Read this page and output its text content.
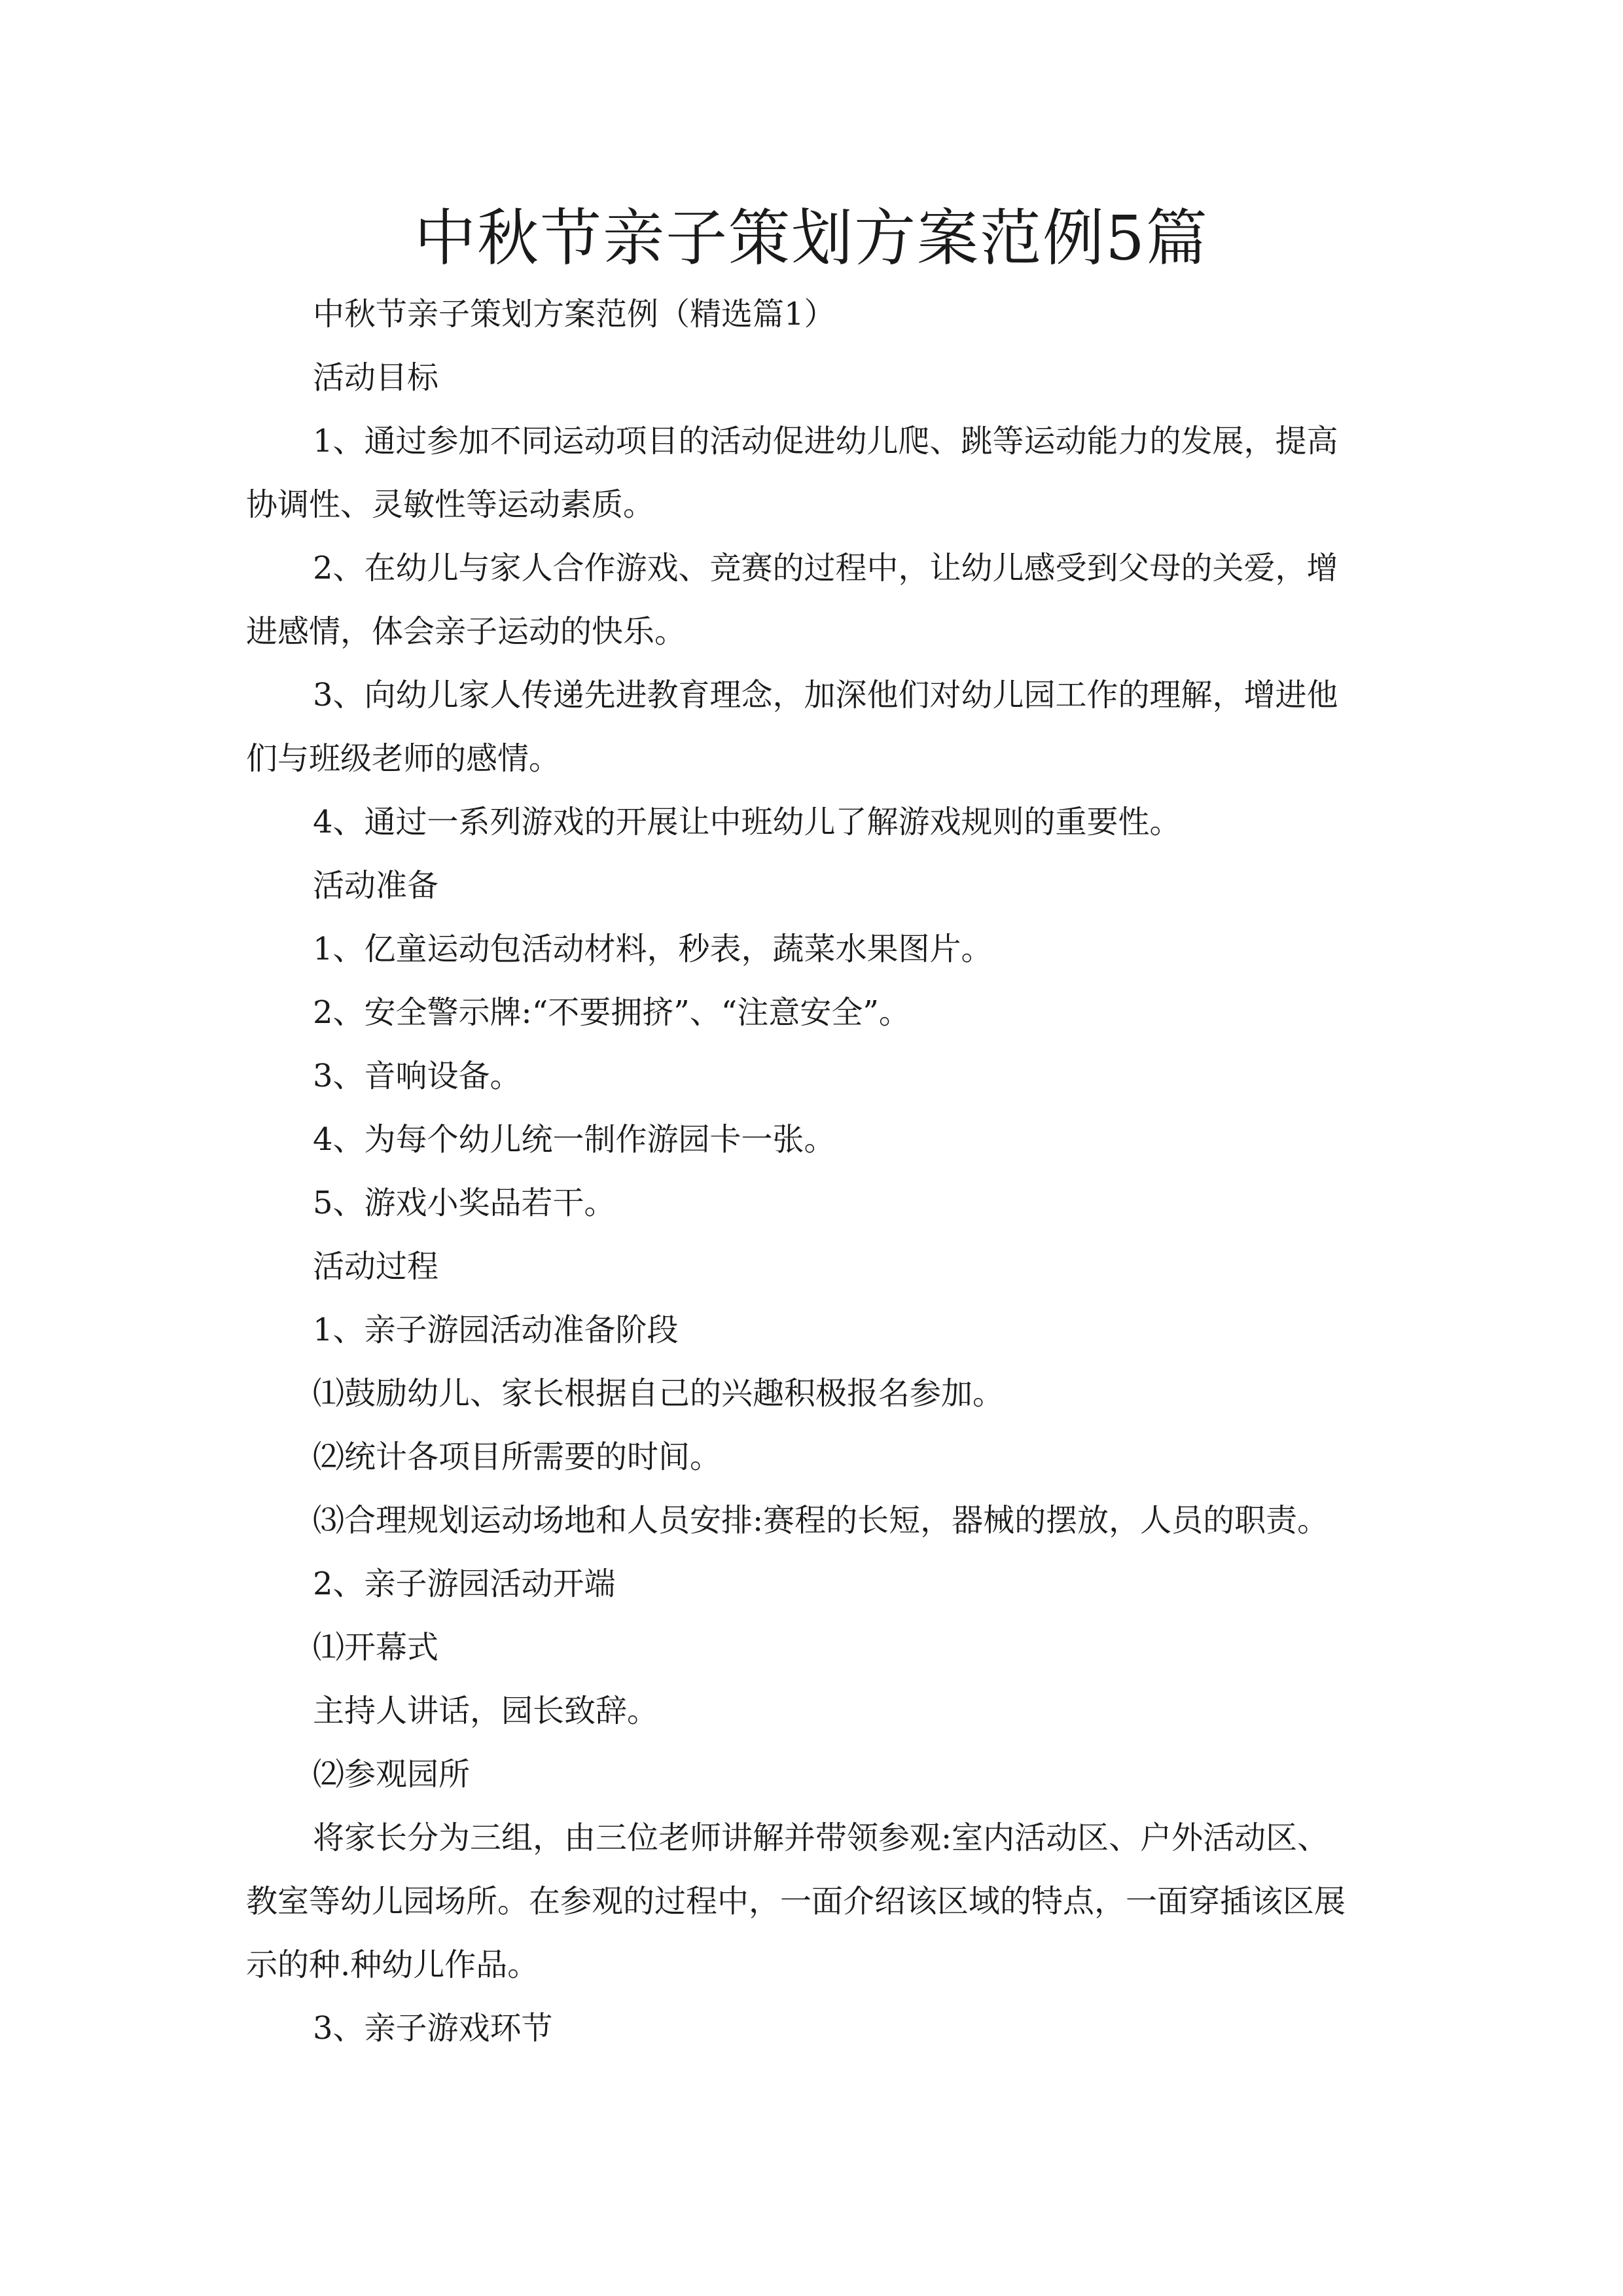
中秋节亲子策划方案范例5篇

中秋节亲子策划方案范例（精选篇1）

活动目标

1、通过参加不同运动项目的活动促进幼儿爬、跳等运动能力的发展，提高

协调性、灵敏性等运动素质。

2、在幼儿与家人合作游戏、竞赛的过程中，让幼儿感受到父母的关爱，增

进感情，体会亲子运动的快乐。

3、向幼儿家人传递先进教育理念，加深他们对幼儿园工作的理解，增进他

们与班级老师的感情。

4、通过一系列游戏的开展让中班幼儿了解游戏规则的重要性。

活动准备

1、亿童运动包活动材料，秒表，蔬菜水果图片。

2、安全警示牌:“不要拥挤”、“注意安全”。

3、音响设备。

4、为每个幼儿统一制作游园卡一张。

5、游戏小奖品若干。

活动过程

1、亲子游园活动准备阶段

⑴鼓励幼儿、家长根据自己的兴趣积极报名参加。

⑵统计各项目所需要的时间。

⑶合理规划运动场地和人员安排:赛程的长短，器械的摆放，人员的职责。

2、亲子游园活动开端

⑴开幕式

主持人讲话，园长致辞。

⑵参观园所

将家长分为三组，由三位老师讲解并带领参观:室内活动区、户外活动区、

教室等幼儿园场所。在参观的过程中，一面介绍该区域的特点，一面穿插该区展

示的种.种幼儿作品。

3、亲子游戏环节
